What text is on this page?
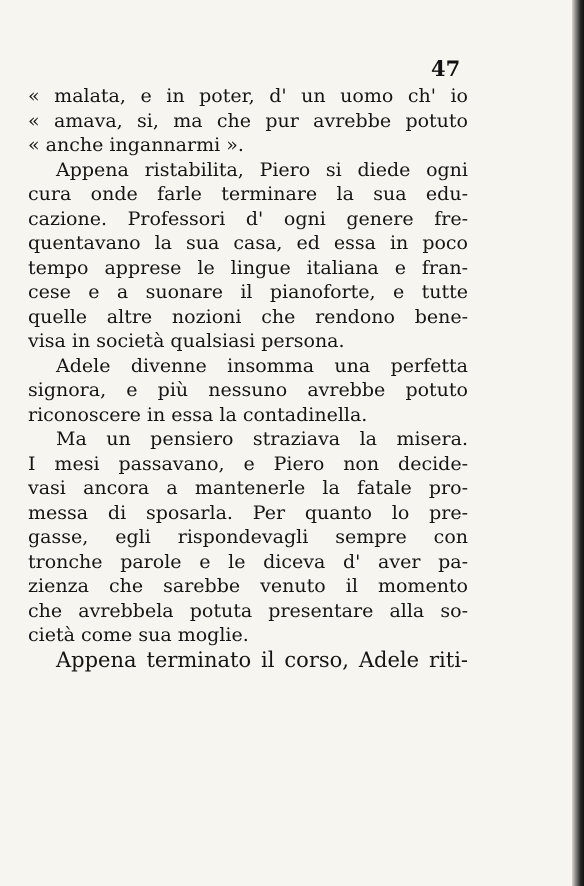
47
« malata, e in poter, d' un uomo ch' io
« amava, si, ma che pur avrebbe potuto
« anche ingannarmi ».
Appena ristabilita, Piero si diede ogni
cura onde farle terminare la sua edu-
cazione. Professori d' ogni genere fre-
quentavano la sua casa, ed essa in poco
tempo apprese le lingue italiana e fran-
cese e a suonare il pianoforte, e tutte
quelle altre nozioni che rendono bene-
visa in società qualsiasi persona.
Adele divenne insomma una perfetta
signora, e più nessuno avrebbe potuto
riconoscere in essa la contadinella.
Ma un pensiero straziava la misera.
I mesi passavano, e Piero non decide-
vasi ancora a mantenerle la fatale pro-
messa di sposarla. Per quanto lo pre-
gasse, egli rispondevagli sempre con
tronche parole e le diceva d' aver pa-
zienza che sarebbe venuto il momento
che avrebbela potuta presentare alla so-
cietà come sua moglie.
Appena terminato il corso, Adele riti-
